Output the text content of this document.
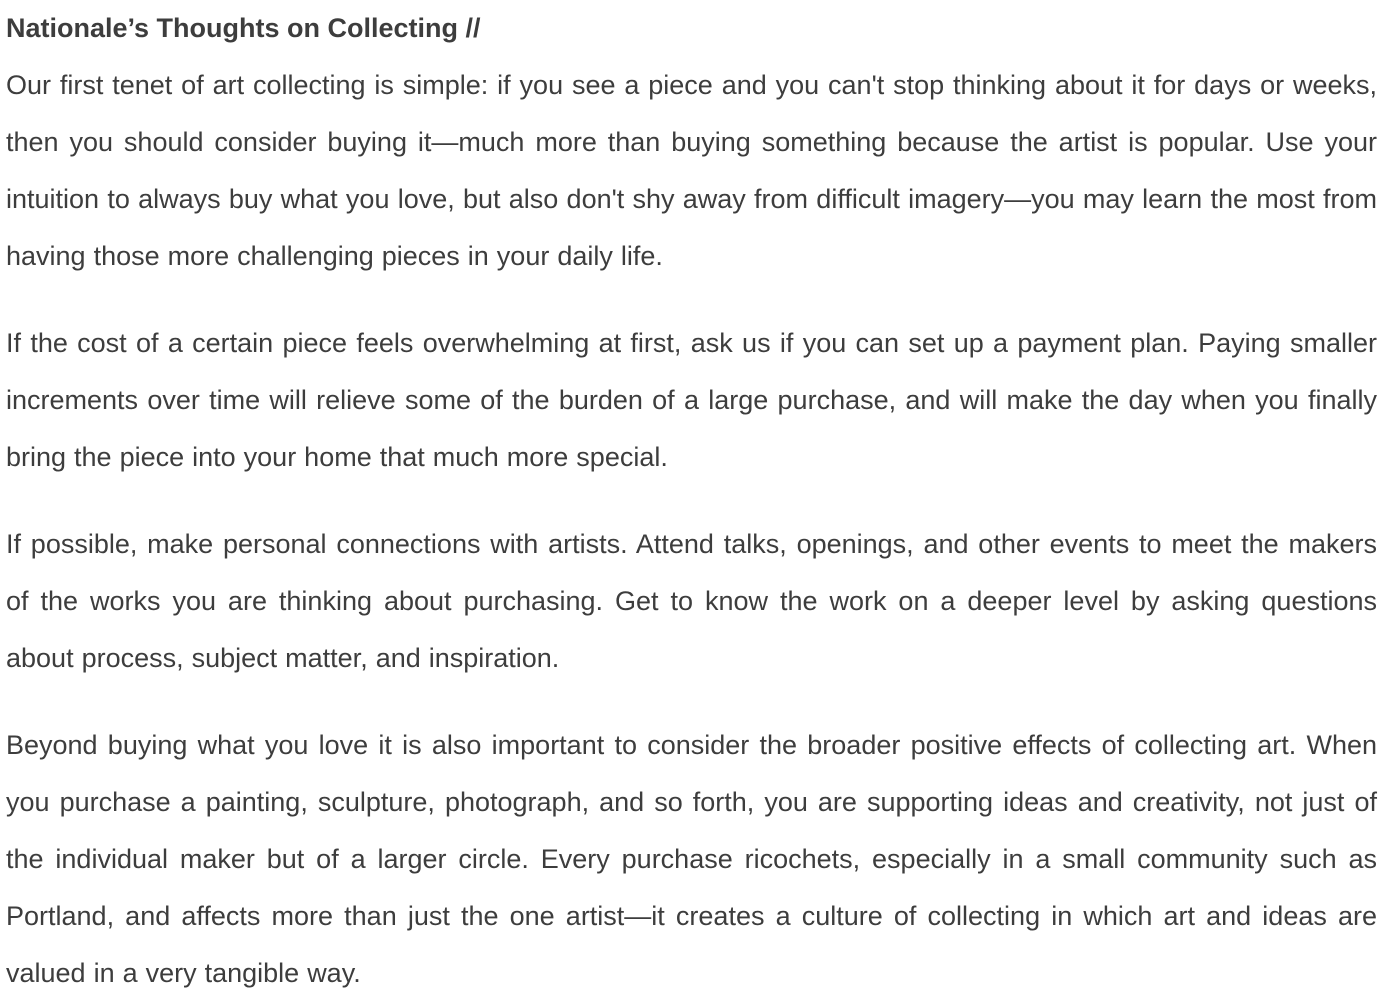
Nationale’s Thoughts on Collecting //

Our first tenet of art collecting is simple: if you see a piece and you can't stop thinking about it for days or weeks, then you should consider buying it—much more than buying something because the artist is popular. Use your intuition to always buy what you love, but also don't shy away from difficult imagery—you may learn the most from having those more challenging pieces in your daily life.

If the cost of a certain piece feels overwhelming at first, ask us if you can set up a payment plan. Paying smaller increments over time will relieve some of the burden of a large purchase, and will make the day when you finally bring the piece into your home that much more special.

If possible, make personal connections with artists. Attend talks, openings, and other events to meet the makers of the works you are thinking about purchasing. Get to know the work on a deeper level by asking questions about process, subject matter, and inspiration.

Beyond buying what you love it is also important to consider the broader positive effects of collecting art. When you purchase a painting, sculpture, photograph, and so forth, you are supporting ideas and creativity, not just of the individual maker but of a larger circle. Every purchase ricochets, especially in a small community such as Portland, and affects more than just the one artist—it creates a culture of collecting in which art and ideas are valued in a very tangible way.
